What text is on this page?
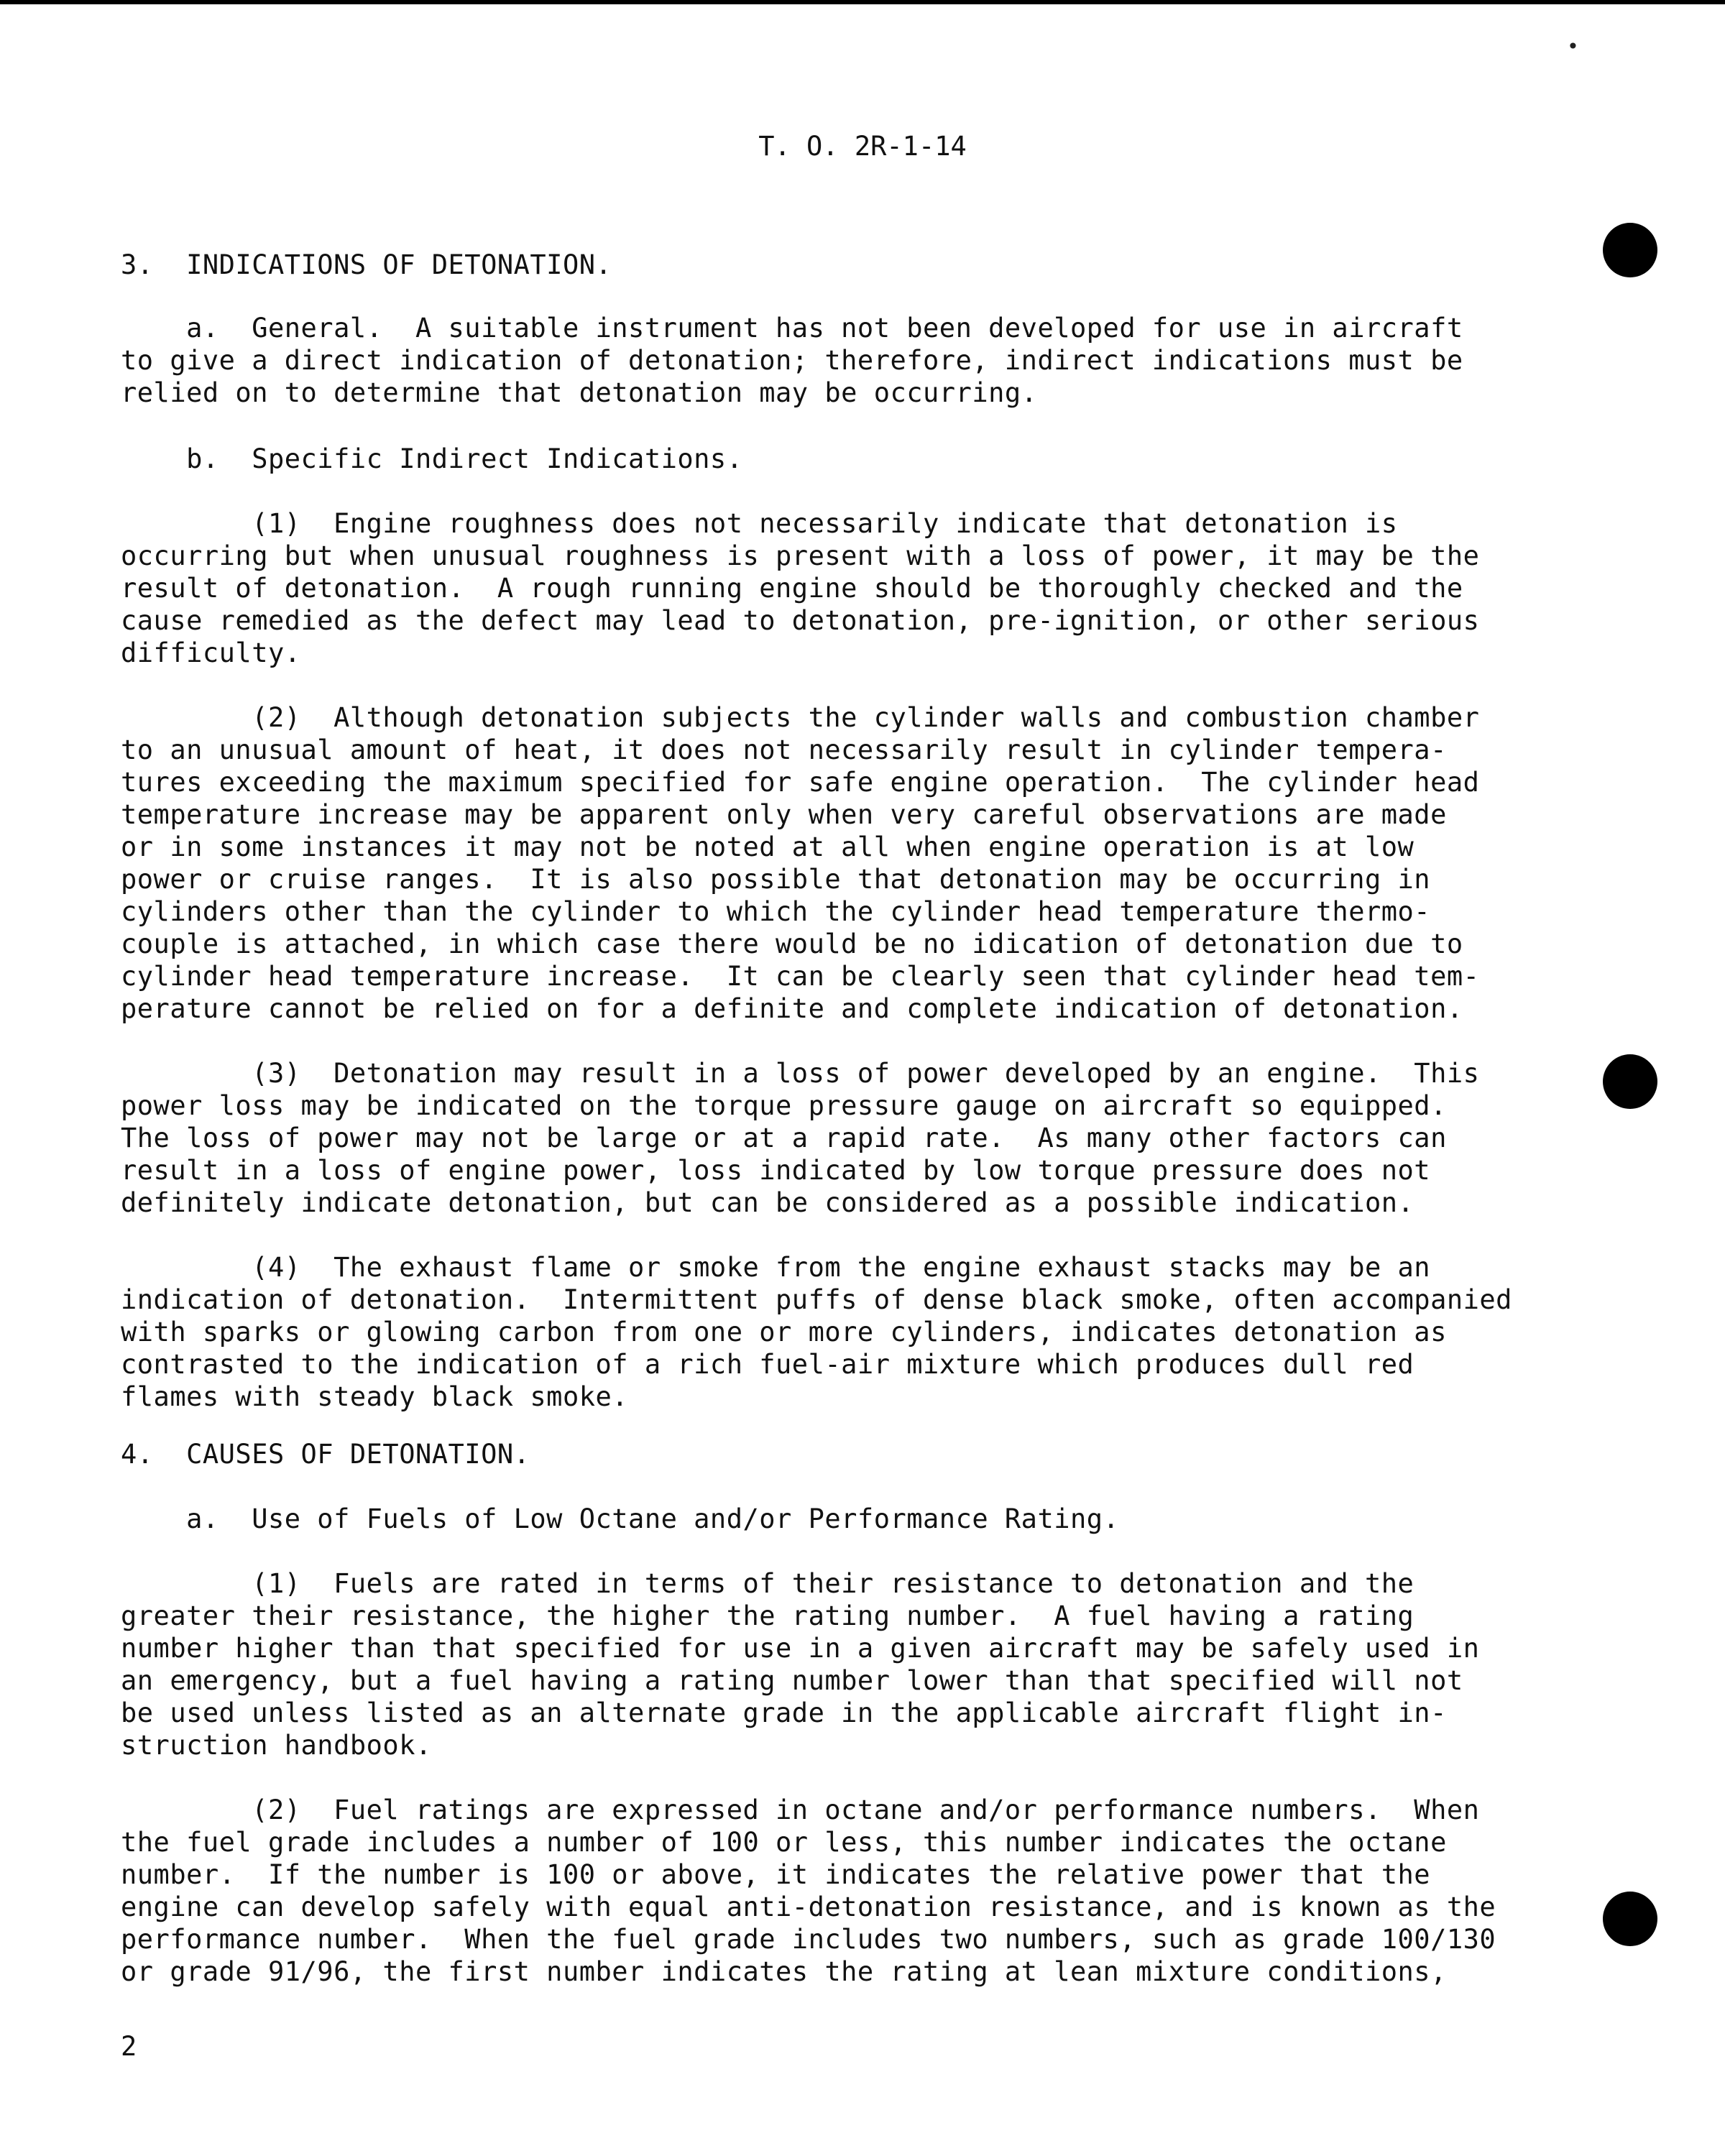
•
T. O. 2R-1-14
3.  INDICATIONS OF DETONATION.
a.  General.  A suitable instrument has not been developed for use in aircraft
to give a direct indication of detonation; therefore, indirect indications must be
relied on to determine that detonation may be occurring.
b.  Specific Indirect Indications.
(1)  Engine roughness does not necessarily indicate that detonation is
occurring but when unusual roughness is present with a loss of power, it may be the
result of detonation.  A rough running engine should be thoroughly checked and the
cause remedied as the defect may lead to detonation, pre-ignition, or other serious
difficulty.
(2)  Although detonation subjects the cylinder walls and combustion chamber
to an unusual amount of heat, it does not necessarily result in cylinder tempera-
tures exceeding the maximum specified for safe engine operation.  The cylinder head
temperature increase may be apparent only when very careful observations are made
or in some instances it may not be noted at all when engine operation is at low
power or cruise ranges.  It is also possible that detonation may be occurring in
cylinders other than the cylinder to which the cylinder head temperature thermo-
couple is attached, in which case there would be no idication of detonation due to
cylinder head temperature increase.  It can be clearly seen that cylinder head tem-
perature cannot be relied on for a definite and complete indication of detonation.
(3)  Detonation may result in a loss of power developed by an engine.  This
power loss may be indicated on the torque pressure gauge on aircraft so equipped.
The loss of power may not be large or at a rapid rate.  As many other factors can
result in a loss of engine power, loss indicated by low torque pressure does not
definitely indicate detonation, but can be considered as a possible indication.
(4)  The exhaust flame or smoke from the engine exhaust stacks may be an
indication of detonation.  Intermittent puffs of dense black smoke, often accompanied
with sparks or glowing carbon from one or more cylinders, indicates detonation as
contrasted to the indication of a rich fuel-air mixture which produces dull red
flames with steady black smoke.
4.  CAUSES OF DETONATION.
a.  Use of Fuels of Low Octane and/or Performance Rating.
(1)  Fuels are rated in terms of their resistance to detonation and the
greater their resistance, the higher the rating number.  A fuel having a rating
number higher than that specified for use in a given aircraft may be safely used in
an emergency, but a fuel having a rating number lower than that specified will not
be used unless listed as an alternate grade in the applicable aircraft flight in-
struction handbook.
(2)  Fuel ratings are expressed in octane and/or performance numbers.  When
the fuel grade includes a number of 100 or less, this number indicates the octane
number.  If the number is 100 or above, it indicates the relative power that the
engine can develop safely with equal anti-detonation resistance, and is known as the
performance number.  When the fuel grade includes two numbers, such as grade 100/130
or grade 91/96, the first number indicates the rating at lean mixture conditions,
2
